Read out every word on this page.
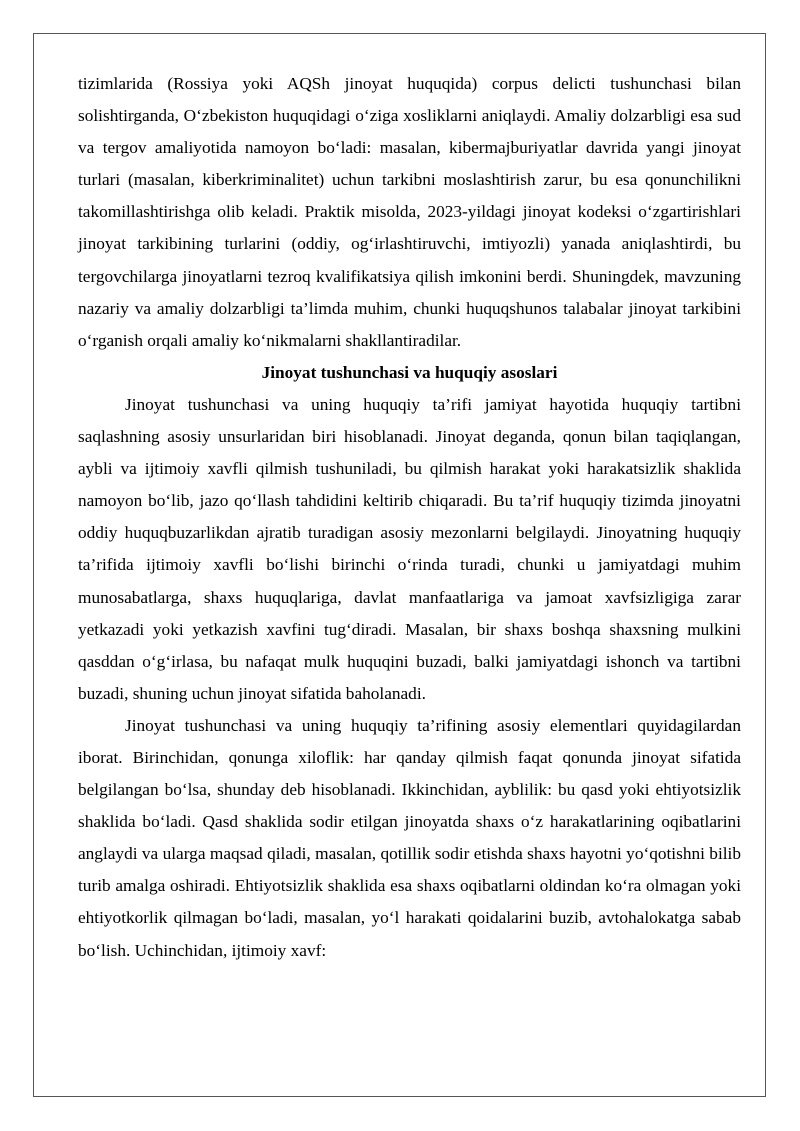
tizimlarida (Rossiya yoki AQSh jinoyat huquqida) corpus delicti tushunchasi bilan solishtirganda, O‘zbekiston huquqidagi o‘ziga xosliklarni aniqlaydi. Amaliy dolzarbligi esa sud va tergov amaliyotida namoyon bo‘ladi: masalan, kibermajburiyatlar davrida yangi jinoyat turlari (masalan, kiberkriminalitet) uchun tarkibni moslashtirish zarur, bu esa qonunchilikni takomillashtirishga olib keladi. Praktik misolda, 2023-yildagi jinoyat kodeksi o‘zgartirishlari jinoyat tarkibining turlarini (oddiy, og‘irlashtiruvchi, imtiyozli) yanada aniqlashtirdi, bu tergovchilarga jinoyatlarni tezroq kvalifikatsiya qilish imkonini berdi. Shuningdek, mavzuning nazariy va amaliy dolzarbligi ta’limda muhim, chunki huquqshunos talabalar jinoyat tarkibini o‘rganish orqali amaliy ko‘nikmalarni shakllantiradilar.

Jinoyat tushunchasi va huquqiy asoslari

Jinoyat tushunchasi va uning huquqiy ta’rifi jamiyat hayotida huquqiy tartibni saqlashning asosiy unsurlaridan biri hisoblanadi. Jinoyat deganda, qonun bilan taqiqlangan, aybli va ijtimoiy xavfli qilmish tushuniladi, bu qilmish harakat yoki harakatsizlik shaklida namoyon bo‘lib, jazo qo‘llash tahdidini keltirib chiqaradi. Bu ta’rif huquqiy tizimda jinoyatni oddiy huquqbuzarlikdan ajratib turadigan asosiy mezonlarni belgilaydi. Jinoyatning huquqiy ta’rifida ijtimoiy xavfli bo‘lishi birinchi o‘rinda turadi, chunki u jamiyatdagi muhim munosabatlarga, shaxs huquqlariga, davlat manfaatlariga va jamoat xavfsizligiga zarar yetkazadi yoki yetkazish xavfini tug‘diradi. Masalan, bir shaxs boshqa shaxsning mulkini qasddan o‘g‘irlasa, bu nafaqat mulk huquqini buzadi, balki jamiyatdagi ishonch va tartibni buzadi, shuning uchun jinoyat sifatida baholanadi.

Jinoyat tushunchasi va uning huquqiy ta’rifining asosiy elementlari quyidagilardan iborat. Birinchidan, qonunga xiloflik: har qanday qilmish faqat qonunda jinoyat sifatida belgilangan bo‘lsa, shunday deb hisoblanadi. Ikkinchidan, ayblilik: bu qasd yoki ehtiyotsizlik shaklida bo‘ladi. Qasd shaklida sodir etilgan jinoyatda shaxs o‘z harakatlarining oqibatlarini anglaydi va ularga maqsad qiladi, masalan, qotillik sodir etishda shaxs hayotni yo‘qotishni bilib turib amalga oshiradi. Ehtiyotsizlik shaklida esa shaxs oqibatlarni oldindan ko‘ra olmagan yoki ehtiyotkorlik qilmagan bo‘ladi, masalan, yo‘l harakati qoidalarini buzib, avtohalokatga sabab bo‘lish. Uchinchidan, ijtimoiy xavf:
